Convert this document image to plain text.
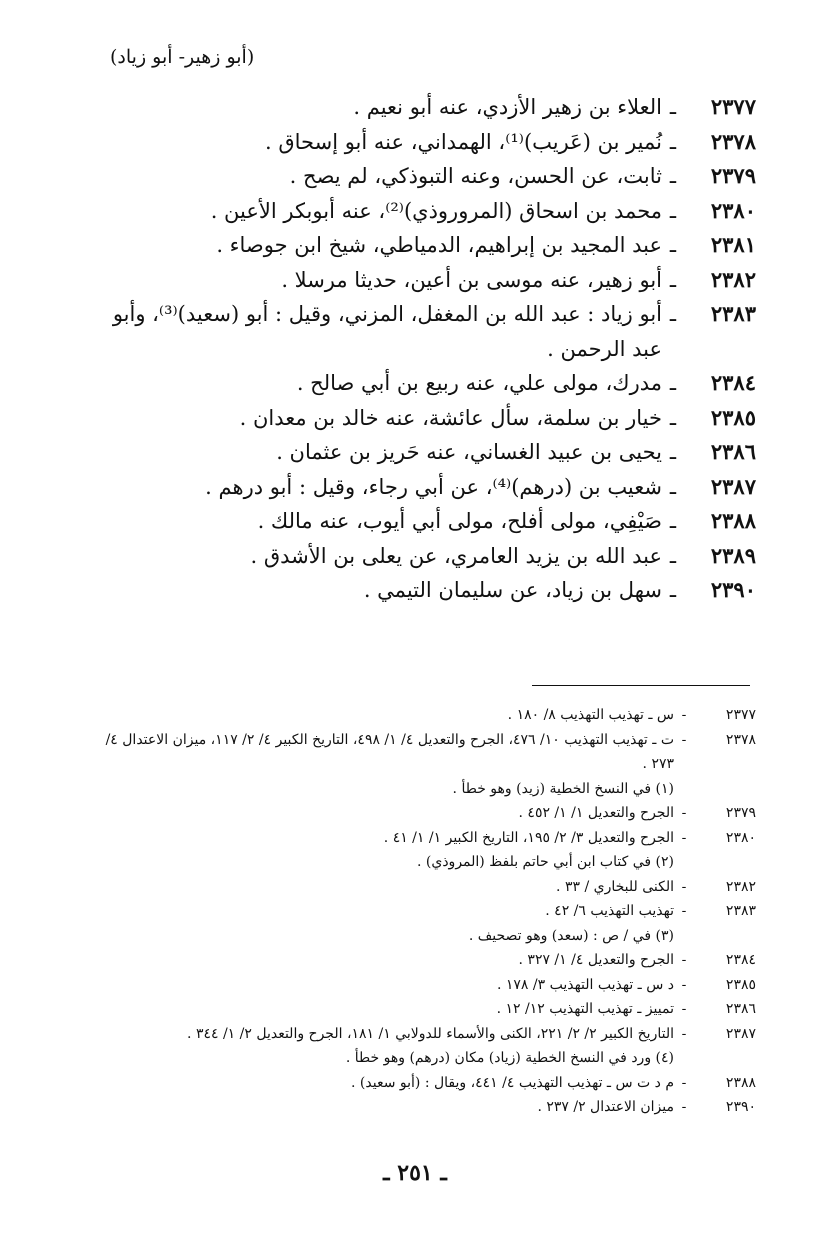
(أبو زهير- أبو زياد)
٢٣٧٧
ـ
العلاء بن زهير الأزدي، عنه أبو نعيم .
٢٣٧٨
ـ
نُمير بن (عَريب)⁽¹⁾، الهمداني، عنه أبو إسحاق .
٢٣٧٩
ـ
ثابت، عن الحسن، وعنه التبوذكي، لم يصح .
٢٣٨٠
ـ
محمد بن اسحاق (المروروذي)⁽²⁾، عنه أبوبكر الأعين .
٢٣٨١
ـ
عبد المجيد بن إبراهيم، الدمياطي، شيخ ابن جوصاء .
٢٣٨٢
ـ
أبو زهير، عنه موسى بن أعين، حديثا مرسلا .
٢٣٨٣
ـ
أبو زياد : عبد الله بن المغفل، المزني، وقيل : أبو (سعيد)⁽³⁾، وأبو عبد الرحمن .
٢٣٨٤
ـ
مدرك، مولى علي، عنه ربيع بن أبي صالح .
٢٣٨٥
ـ
خيار بن سلمة، سأل عائشة، عنه خالد بن معدان .
٢٣٨٦
ـ
يحيى بن عبيد الغساني، عنه حَريز بن عثمان .
٢٣٨٧
ـ
شعيب بن (درهم)⁽⁴⁾، عن أبي رجاء، وقيل : أبو درهم .
٢٣٨٨
ـ
صَيْفِي، مولى أفلح، مولى أبي أيوب، عنه مالك .
٢٣٨٩
ـ
عبد الله بن يزيد العامري، عن يعلى بن الأشدق .
٢٣٩٠
ـ
سهل بن زياد، عن سليمان التيمي .
٢٣٧٧
-
س ـ تهذيب التهذيب ٨/ ١٨٠ .
٢٣٧٨
-
ت ـ تهذيب التهذيب ١٠/ ٤٧٦، الجرح والتعديل ٤/ ١/ ٤٩٨، التاريخ الكبير ٤/ ٢/ ١١٧، ميزان الاعتدال ٤/ ٢٧٣ .
(١) في النسخ الخطية (زيد) وهو خطأ .
٢٣٧٩
-
الجرح والتعديل ١/ ١/ ٤٥٢ .
٢٣٨٠
-
الجرح والتعديل ٣/ ٢/ ١٩٥، التاريخ الكبير ١/ ١/ ٤١ .
(٢) في كتاب ابن أبي حاتم بلفظ (المروذي) .
٢٣٨٢
-
الكنى للبخاري / ٣٣ .
٢٣٨٣
-
تهذيب التهذيب ٦/ ٤٢ .
(٣) في / ص : (سعد) وهو تصحيف .
٢٣٨٤
-
الجرح والتعديل ٤/ ١/ ٣٢٧ .
٢٣٨٥
-
د س ـ تهذيب التهذيب ٣/ ١٧٨ .
٢٣٨٦
-
تمييز ـ تهذيب التهذيب ١٢/ ١٢ .
٢٣٨٧
-
التاريخ الكبير ٢/ ٢/ ٢٢١، الكنى والأسماء للدولابي ١/ ١٨١، الجرح والتعديل ٢/ ١/ ٣٤٤ .
(٤) ورد في النسخ الخطية (زياد) مكان (درهم) وهو خطأ .
٢٣٨٨
-
م د ت س ـ تهذيب التهذيب ٤/ ٤٤١، ويقال : (أبو سعيد) .
٢٣٩٠
-
ميزان الاعتدال ٢/ ٢٣٧ .
ـ ٢٥١ ـ
